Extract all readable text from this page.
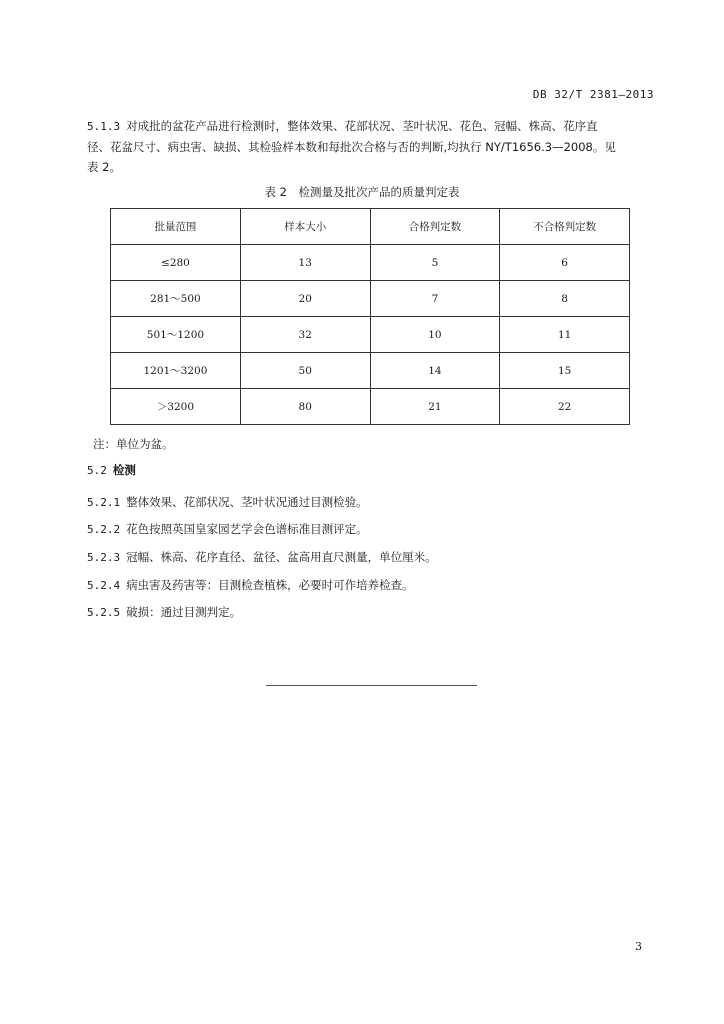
DB 32/T 2381—2013
5.1.3 对成批的盆花产品进行检测时，整体效果、花部状况、茎叶状况、花色、冠幅、株高、花序直
径、花盆尺寸、病虫害、缺损、其检验样本数和每批次合格与否的判断,均执行 NY/T1656.3—2008。见
表 2。
表 2　检测量及批次产品的质量判定表
批量范围	样本大小	合格判定数	不合格判定数
≤280	13	5	6
281～500	20	7	8
501～1200	32	10	11
1201～3200	50	14	15
＞3200	80	21	22
注：单位为盆。
5.2 检测
5.2.1 整体效果、花部状况、茎叶状况通过目测检验。
5.2.2 花色按照英国皇家园艺学会色谱标准目测评定。
5.2.3 冠幅、株高、花序直径、盆径、盆高用直尺测量，单位厘米。
5.2.4 病虫害及药害等：目测检查植株，必要时可作培养检查。
5.2.5 破损：通过目测判定。
3
